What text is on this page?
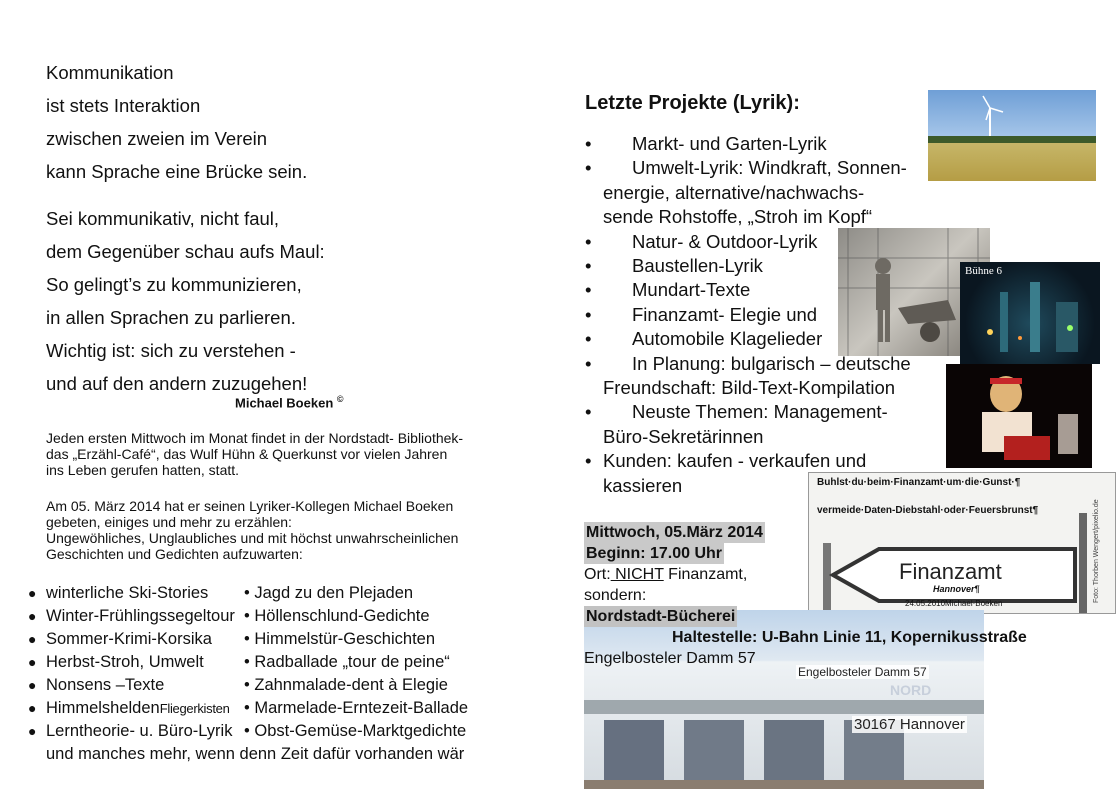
Kommunikation
ist stets Interaktion
zwischen zweien im Verein
kann Sprache eine Brücke sein.
Sei kommunikativ, nicht faul,
dem Gegenüber schau aufs Maul:
So gelingt’s zu kommunizieren,
in allen Sprachen zu parlieren.
Wichtig ist: sich zu verstehen -
und auf den andern zuzugehen!
Michael Boeken ©
Jeden ersten Mittwoch im Monat findet in der Nordstadt- Bibliothek-
das „Erzähl-Café“, das Wulf Hühn & Querkunst vor vielen Jahren
ins Leben gerufen hatten, statt.
Am 05. März 2014 hat er seinen Lyriker-Kollegen Michael Boeken
gebeten, einiges und mehr zu erzählen:
Ungewöhliches, Unglaubliches und mit höchst unwahrscheinlichen
Geschichten und Gedichten aufzuwarten:
● winterliche Ski-Stories • Jagd zu den Plejaden
● Winter-Frühlingssegeltour • Höllenschlund-Gedichte
● Sommer-Krimi-Korsika • Himmelstür-Geschichten
● Herbst-Stroh, Umwelt • Radballade „tour de peine“
● Nonsens –Texte	• Zahnmalade-dent à Elegie
● HimmelsheldenFliegerkisten • Marmelade-Erntezeit-Ballade
● Lerntheorie- u. Büro-Lyrik • Obst-Gemüse-Marktgedichte
und manches mehr, wenn denn Zeit dafür vorhanden wär
Bühne 6
Buhlst·du·beim·Finanzamt·um·die·Gunst·¶
vermeide·Daten-Diebstahl·oder·Feuersbrunst¶
Finanzamt
Hannover¶
24.05.2010Michael·Boeken
Foto: Thorben Wengert/pixelio.de
Engelbosteler Damm 57
NORD
30167 Hannover
Letzte Projekte (Lyrik):
• Markt- und Garten-Lyrik
• Umwelt-Lyrik: Windkraft, Sonnen-
energie, alternative/nachwachs-
sende Rohstoffe, „Stroh im Kopf“
• Natur- & Outdoor-Lyrik
• Baustellen-Lyrik
• Mundart-Texte
• Finanzamt- Elegie und
• Automobile Klagelieder
• In Planung: bulgarisch – deutsche
Freundschaft: Bild-Text-Kompilation
• Neuste Themen: Management-
Büro-Sekretärinnen
• Kunden: kaufen - verkaufen und
kassieren
Mittwoch, 05.März 2014
Beginn: 17.00 Uhr
Ort: NICHT Finanzamt,
sondern:
Nordstadt-Bücherei
Haltestelle: U-Bahn Linie 11, Kopernikusstraße
Engelbosteler Damm 57
